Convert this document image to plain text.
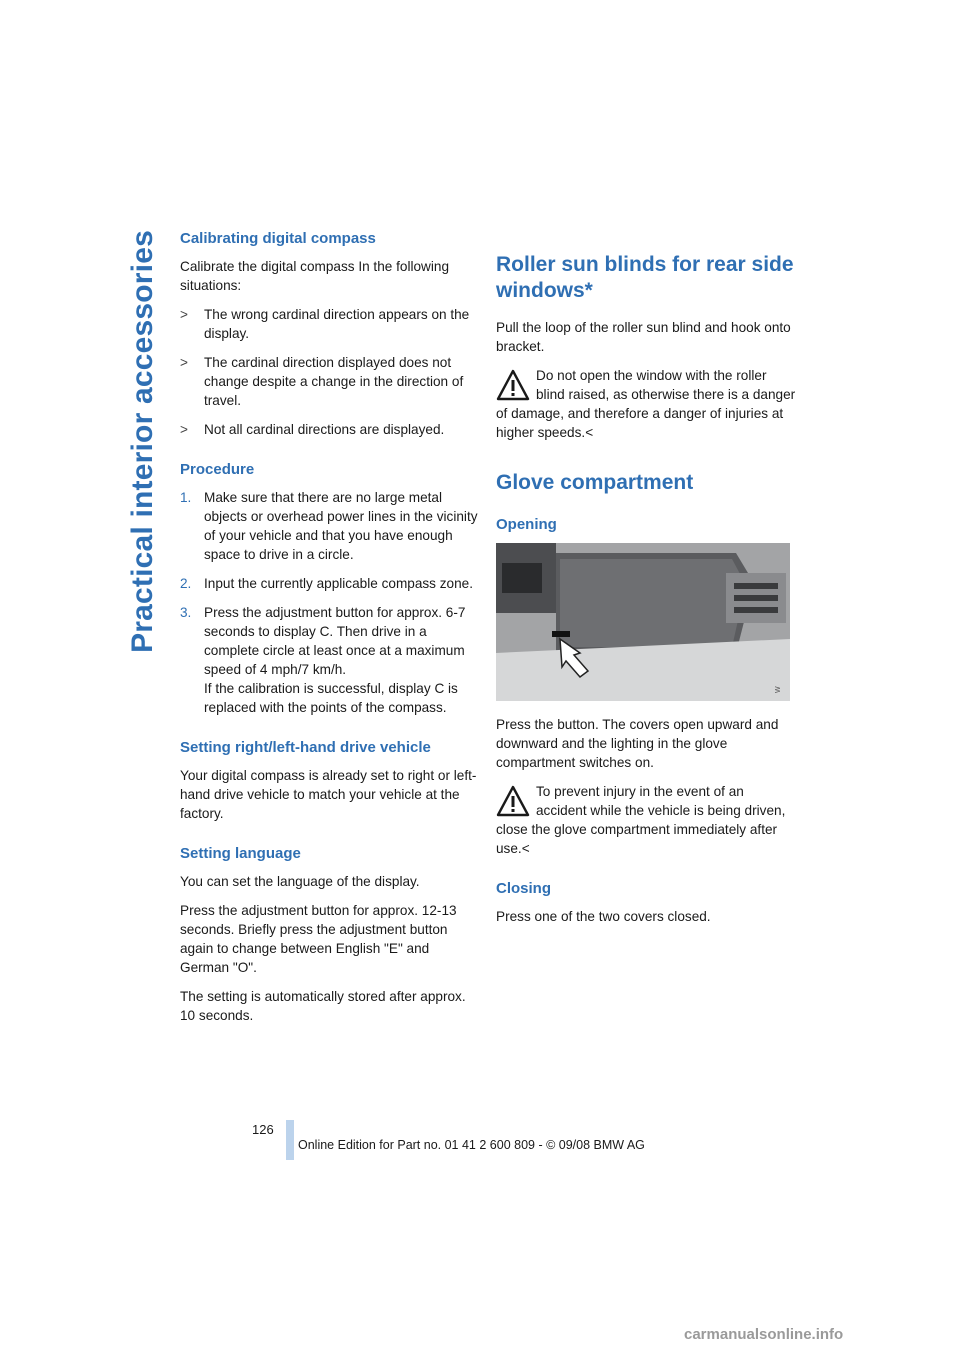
Practical interior accessories Calibrating digital compass

Calibrate the digital compass In the following situations:

>	The wrong cardinal direction appears on the display.
>	The cardinal direction displayed does not change despite a change in the direction of travel.
>	Not all cardinal directions are displayed.
Procedure
1. Make sure that there are no large metal objects or overhead power lines in the vicinity of your vehicle and that you have enough space to drive in a circle.
2. Input the currently applicable compass zone.
3. Press the adjustment button for approx. 6-7 seconds to display C. Then drive in a complete circle at least once at a maximum speed of 4 mph/7 km/h.
If the calibration is successful, display C is replaced with the points of the compass.
Setting right/left-hand drive vehicle

Your digital compass is already set to right or left-hand drive vehicle to match your vehicle at the factory.

Setting language

You can set the language of the display.

Press the adjustment button for approx. 12-13 seconds. Briefly press the adjustment button again to change between English "E" and German "O".

The setting is automatically stored after approx. 10 seconds.

Roller sun blinds for rear side windows*

Pull the loop of the roller sun blind and hook onto bracket.

Do not open the window with the roller blind raised, as otherwise there is a danger of damage, and therefore a danger of injuries at higher speeds.<
Glove compartment
Opening
W

Press the button. The covers open upward and downward and the lighting in the glove compartment switches on.

To prevent injury in the event of an accident while the vehicle is being driven, close the glove compartment immediately after use.<
Closing

Press one of the two covers closed.

126
Online Edition for Part no. 01 41 2 600 809 - © 09/08 BMW AG
carmanualsonline.info
